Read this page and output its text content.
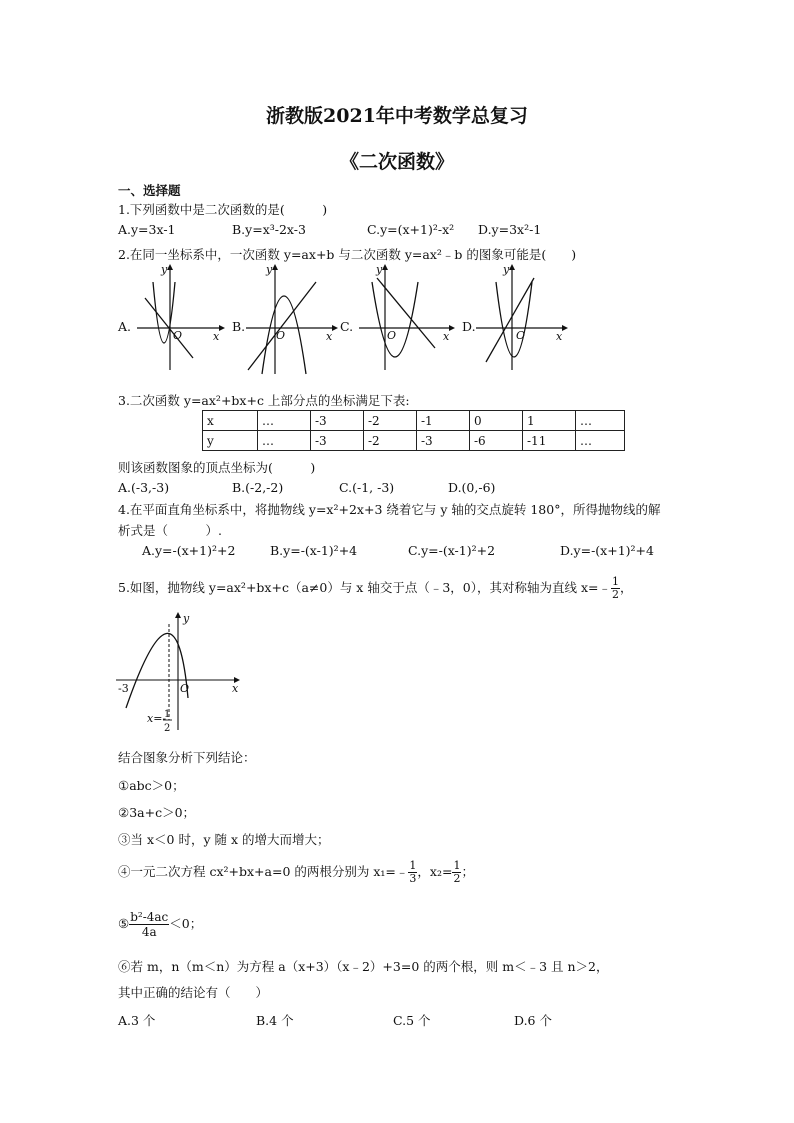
浙教版2021年中考数学总复习
《二次函数》
一、选择题
1.下列函数中是二次函数的是(　　　)
A.y=3x-1	B.y=x³-2x-3	C.y=(x+1)²-x² D.y=3x²-1
2.在同一坐标系中，一次函数 y=ax+b 与二次函数 y=ax²﹣b 的图象可能是(　　)
A.
y
x
O
B.
y
x
O
C.
y
x
O
D.
y
x
O
3.二次函数 y=ax²+bx+c 上部分点的坐标满足下表:
x	…	-3	-2	-1	0	1	…
y	…	-3	-2	-3	-6	-11	…
则该函数图象的顶点坐标为(　　　)
A.(-3,-3)	B.(-2,-2)	C.(-1, -3)	D.(0,-6)
4.在平面直角坐标系中，将抛物线 y=x²+2x+3 绕着它与 y 轴的交点旋转 180°，所得抛物线的解
析式是（　　　）.
A.y=-(x+1)²+2	B.y=-(x-1)²+4	C.y=-(x-1)²+2	D.y=-(x+1)²+4
5.如图，抛物线 y=ax²+bx+c（a≠0）与 x 轴交于点（﹣3，0），其对称轴为直线 x=﹣ $\frac{1}{2}$ ，
y
x
O
-3
x=-
1
2
结合图象分析下列结论：
①abc＞0；
②3a+c＞0；
③当 x＜0 时，y 随 x 的增大而增大；
④一元二次方程 cx²+bx+a=0 的两根分别为 x₁=﹣ $\frac{1}{3}$ ，$x_2= \frac{1}{2}$ ；
⑤ $\frac{\text{b²-4ac}}{4a} <0$；
⑥若 m，n（m＜n）为方程 a（x+3）（x﹣2）+3=0 的两个根，则 m＜﹣3 且 n＞2，
其中正确的结论有（　　）
A.3 个	B.4 个	C.5 个	D.6 个
